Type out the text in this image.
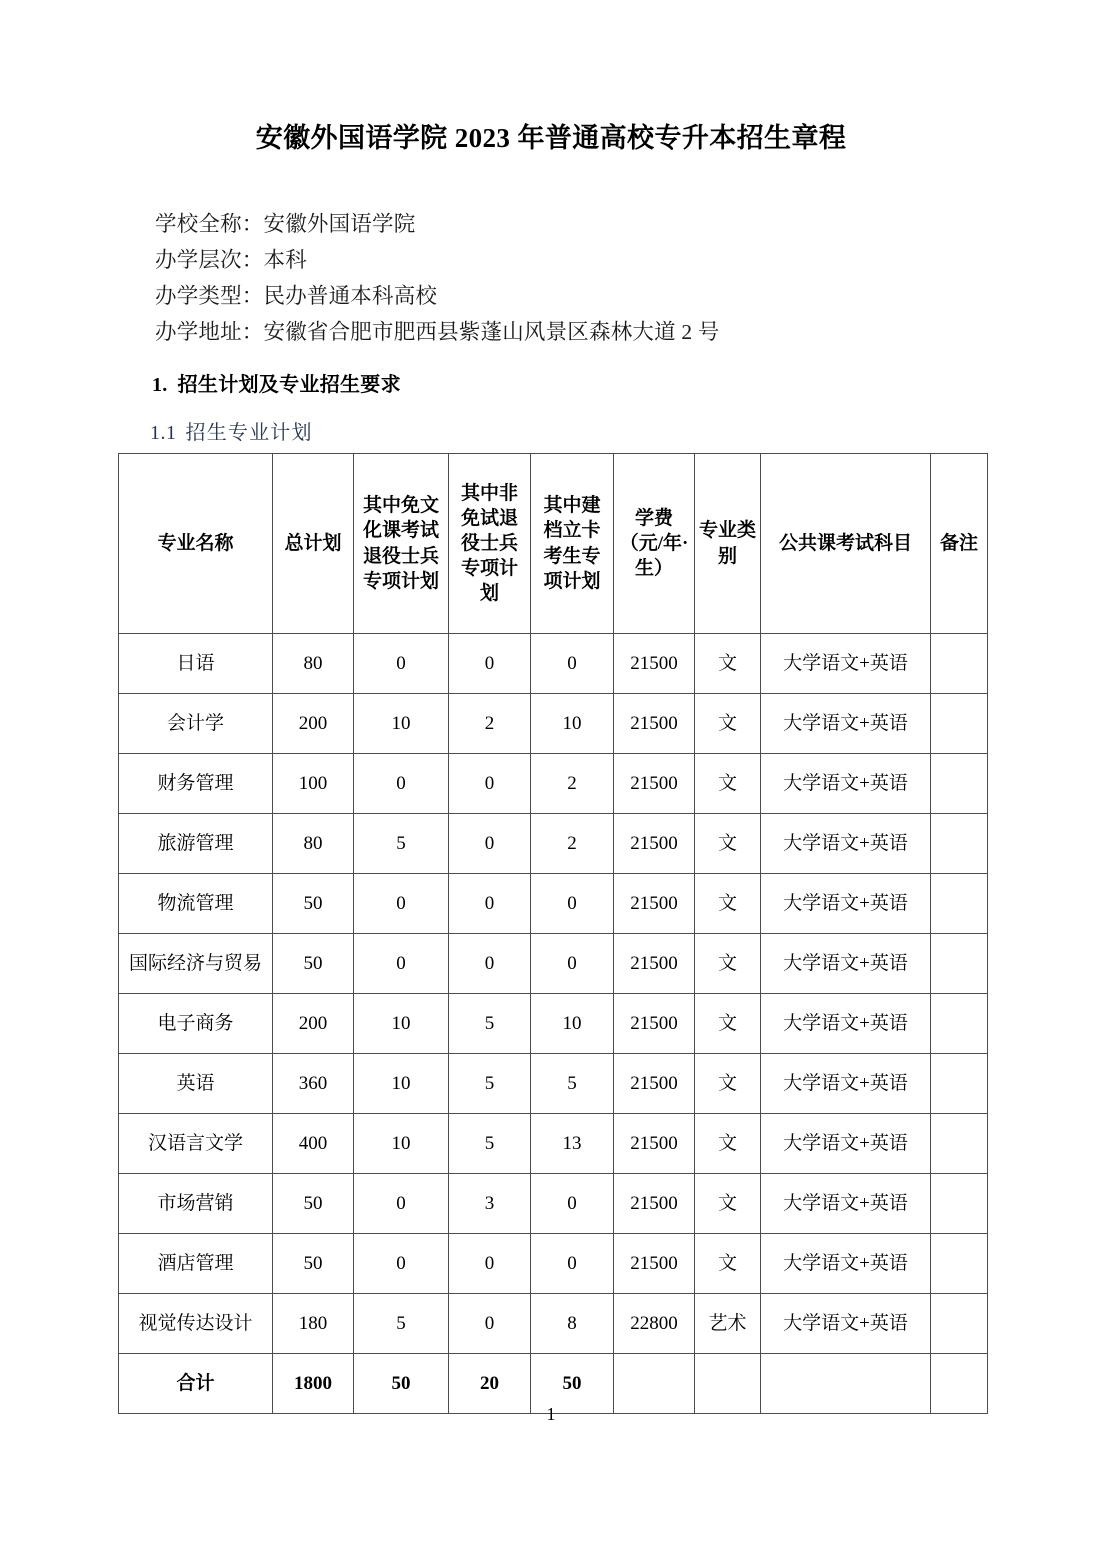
安徽外国语学院 2023 年普通高校专升本招生章程
学校全称：安徽外国语学院
办学层次：本科
办学类型：民办普通本科高校
办学地址：安徽省合肥市肥西县紫蓬山风景区森林大道 2 号
1. 招生计划及专业招生要求
1.1 招生专业计划
专业名称	总计划	其中免文化课考试退役士兵专项计划	其中非免试退役士兵专项计划	其中建档立卡考生专项计划	学费（元/年·生）	专业类别	公共课考试科目	备注
日语	80	0	0	0	21500	文	大学语文+英语	
会计学	200	10	2	10	21500	文	大学语文+英语	
财务管理	100	0	0	2	21500	文	大学语文+英语	
旅游管理	80	5	0	2	21500	文	大学语文+英语	
物流管理	50	0	0	0	21500	文	大学语文+英语	
国际经济与贸易	50	0	0	0	21500	文	大学语文+英语	
电子商务	200	10	5	10	21500	文	大学语文+英语	
英语	360	10	5	5	21500	文	大学语文+英语	
汉语言文学	400	10	5	13	21500	文	大学语文+英语	
市场营销	50	0	3	0	21500	文	大学语文+英语	
酒店管理	50	0	0	0	21500	文	大学语文+英语	
视觉传达设计	180	5	0	8	22800	艺术	大学语文+英语	
合计	1800	50	20	50				
1
